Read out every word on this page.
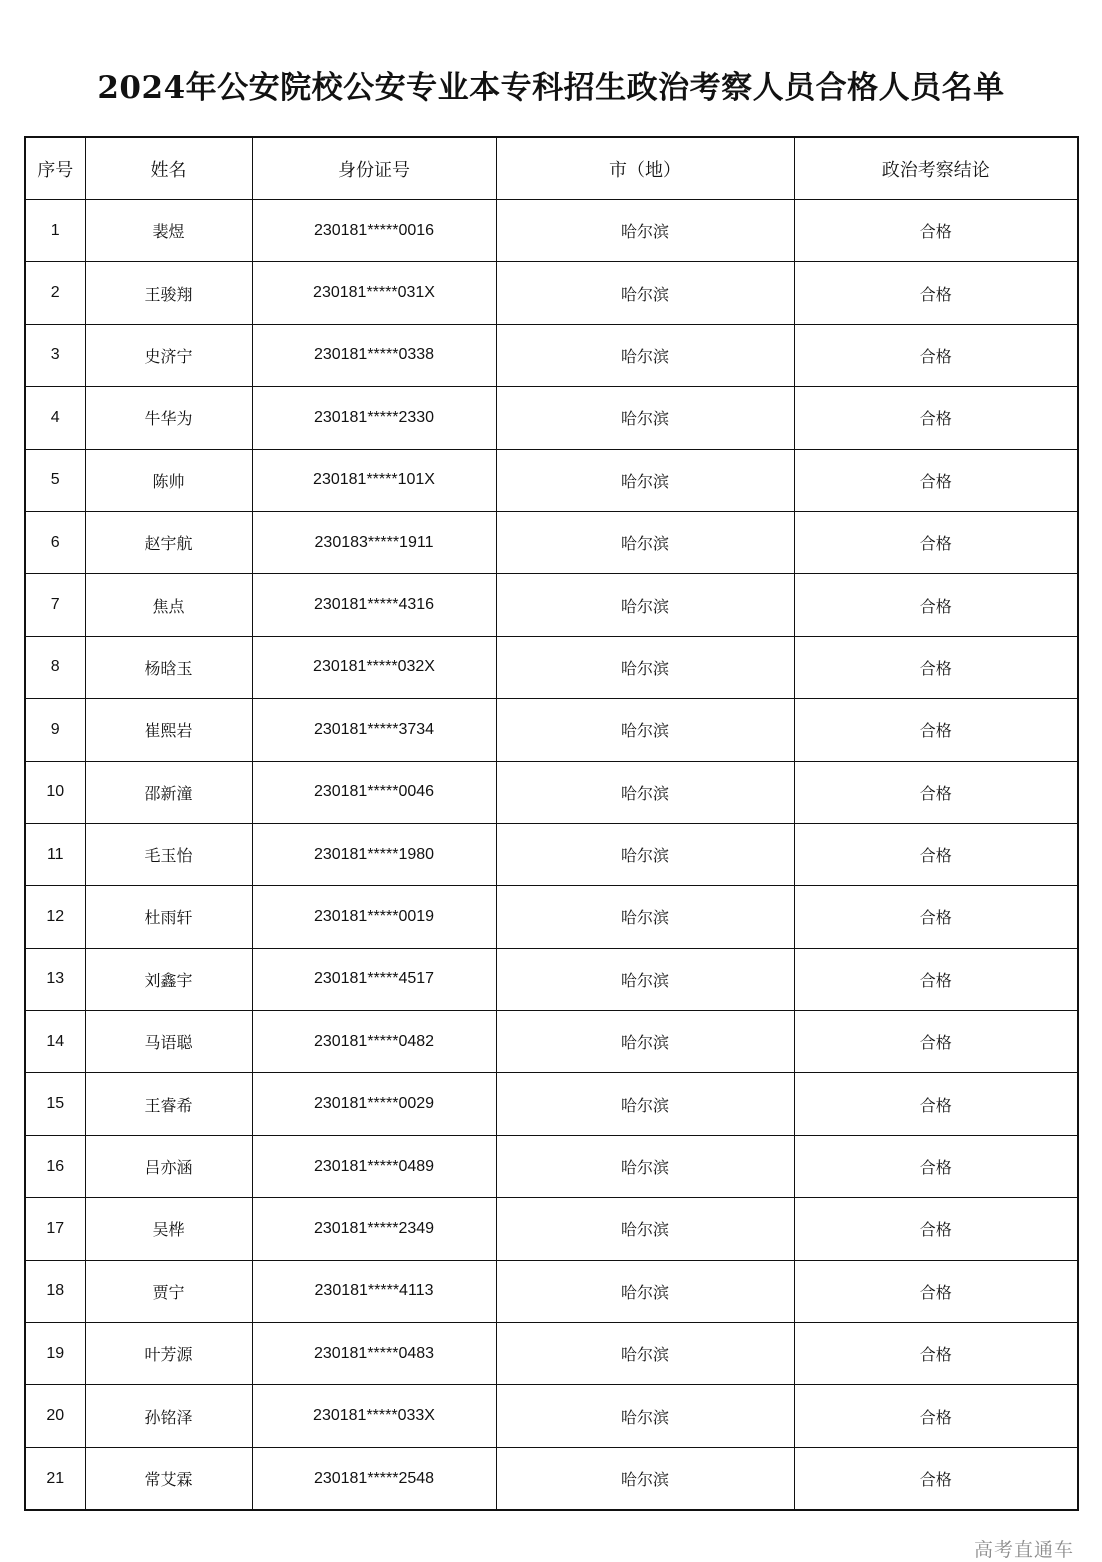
2024年公安院校公安专业本专科招生政治考察人员合格人员名单
序号	姓名	身份证号	市（地）	政治考察结论
1	裴煜	230181*****0016	哈尔滨	合格
2	王骏翔	230181*****031X	哈尔滨	合格
3	史济宁	230181*****0338	哈尔滨	合格
4	牛华为	230181*****2330	哈尔滨	合格
5	陈帅	230181*****101X	哈尔滨	合格
6	赵宇航	230183*****1911	哈尔滨	合格
7	焦点	230181*****4316	哈尔滨	合格
8	杨晗玉	230181*****032X	哈尔滨	合格
9	崔熙岩	230181*****3734	哈尔滨	合格
10	邵新潼	230181*****0046	哈尔滨	合格
11	毛玉怡	230181*****1980	哈尔滨	合格
12	杜雨轩	230181*****0019	哈尔滨	合格
13	刘鑫宇	230181*****4517	哈尔滨	合格
14	马语聪	230181*****0482	哈尔滨	合格
15	王睿希	230181*****0029	哈尔滨	合格
16	吕亦涵	230181*****0489	哈尔滨	合格
17	吴桦	230181*****2349	哈尔滨	合格
18	贾宁	230181*****4113	哈尔滨	合格
19	叶芳源	230181*****0483	哈尔滨	合格
20	孙铭泽	230181*****033X	哈尔滨	合格
21	常艾霖	230181*****2548	哈尔滨	合格
高考直通车
